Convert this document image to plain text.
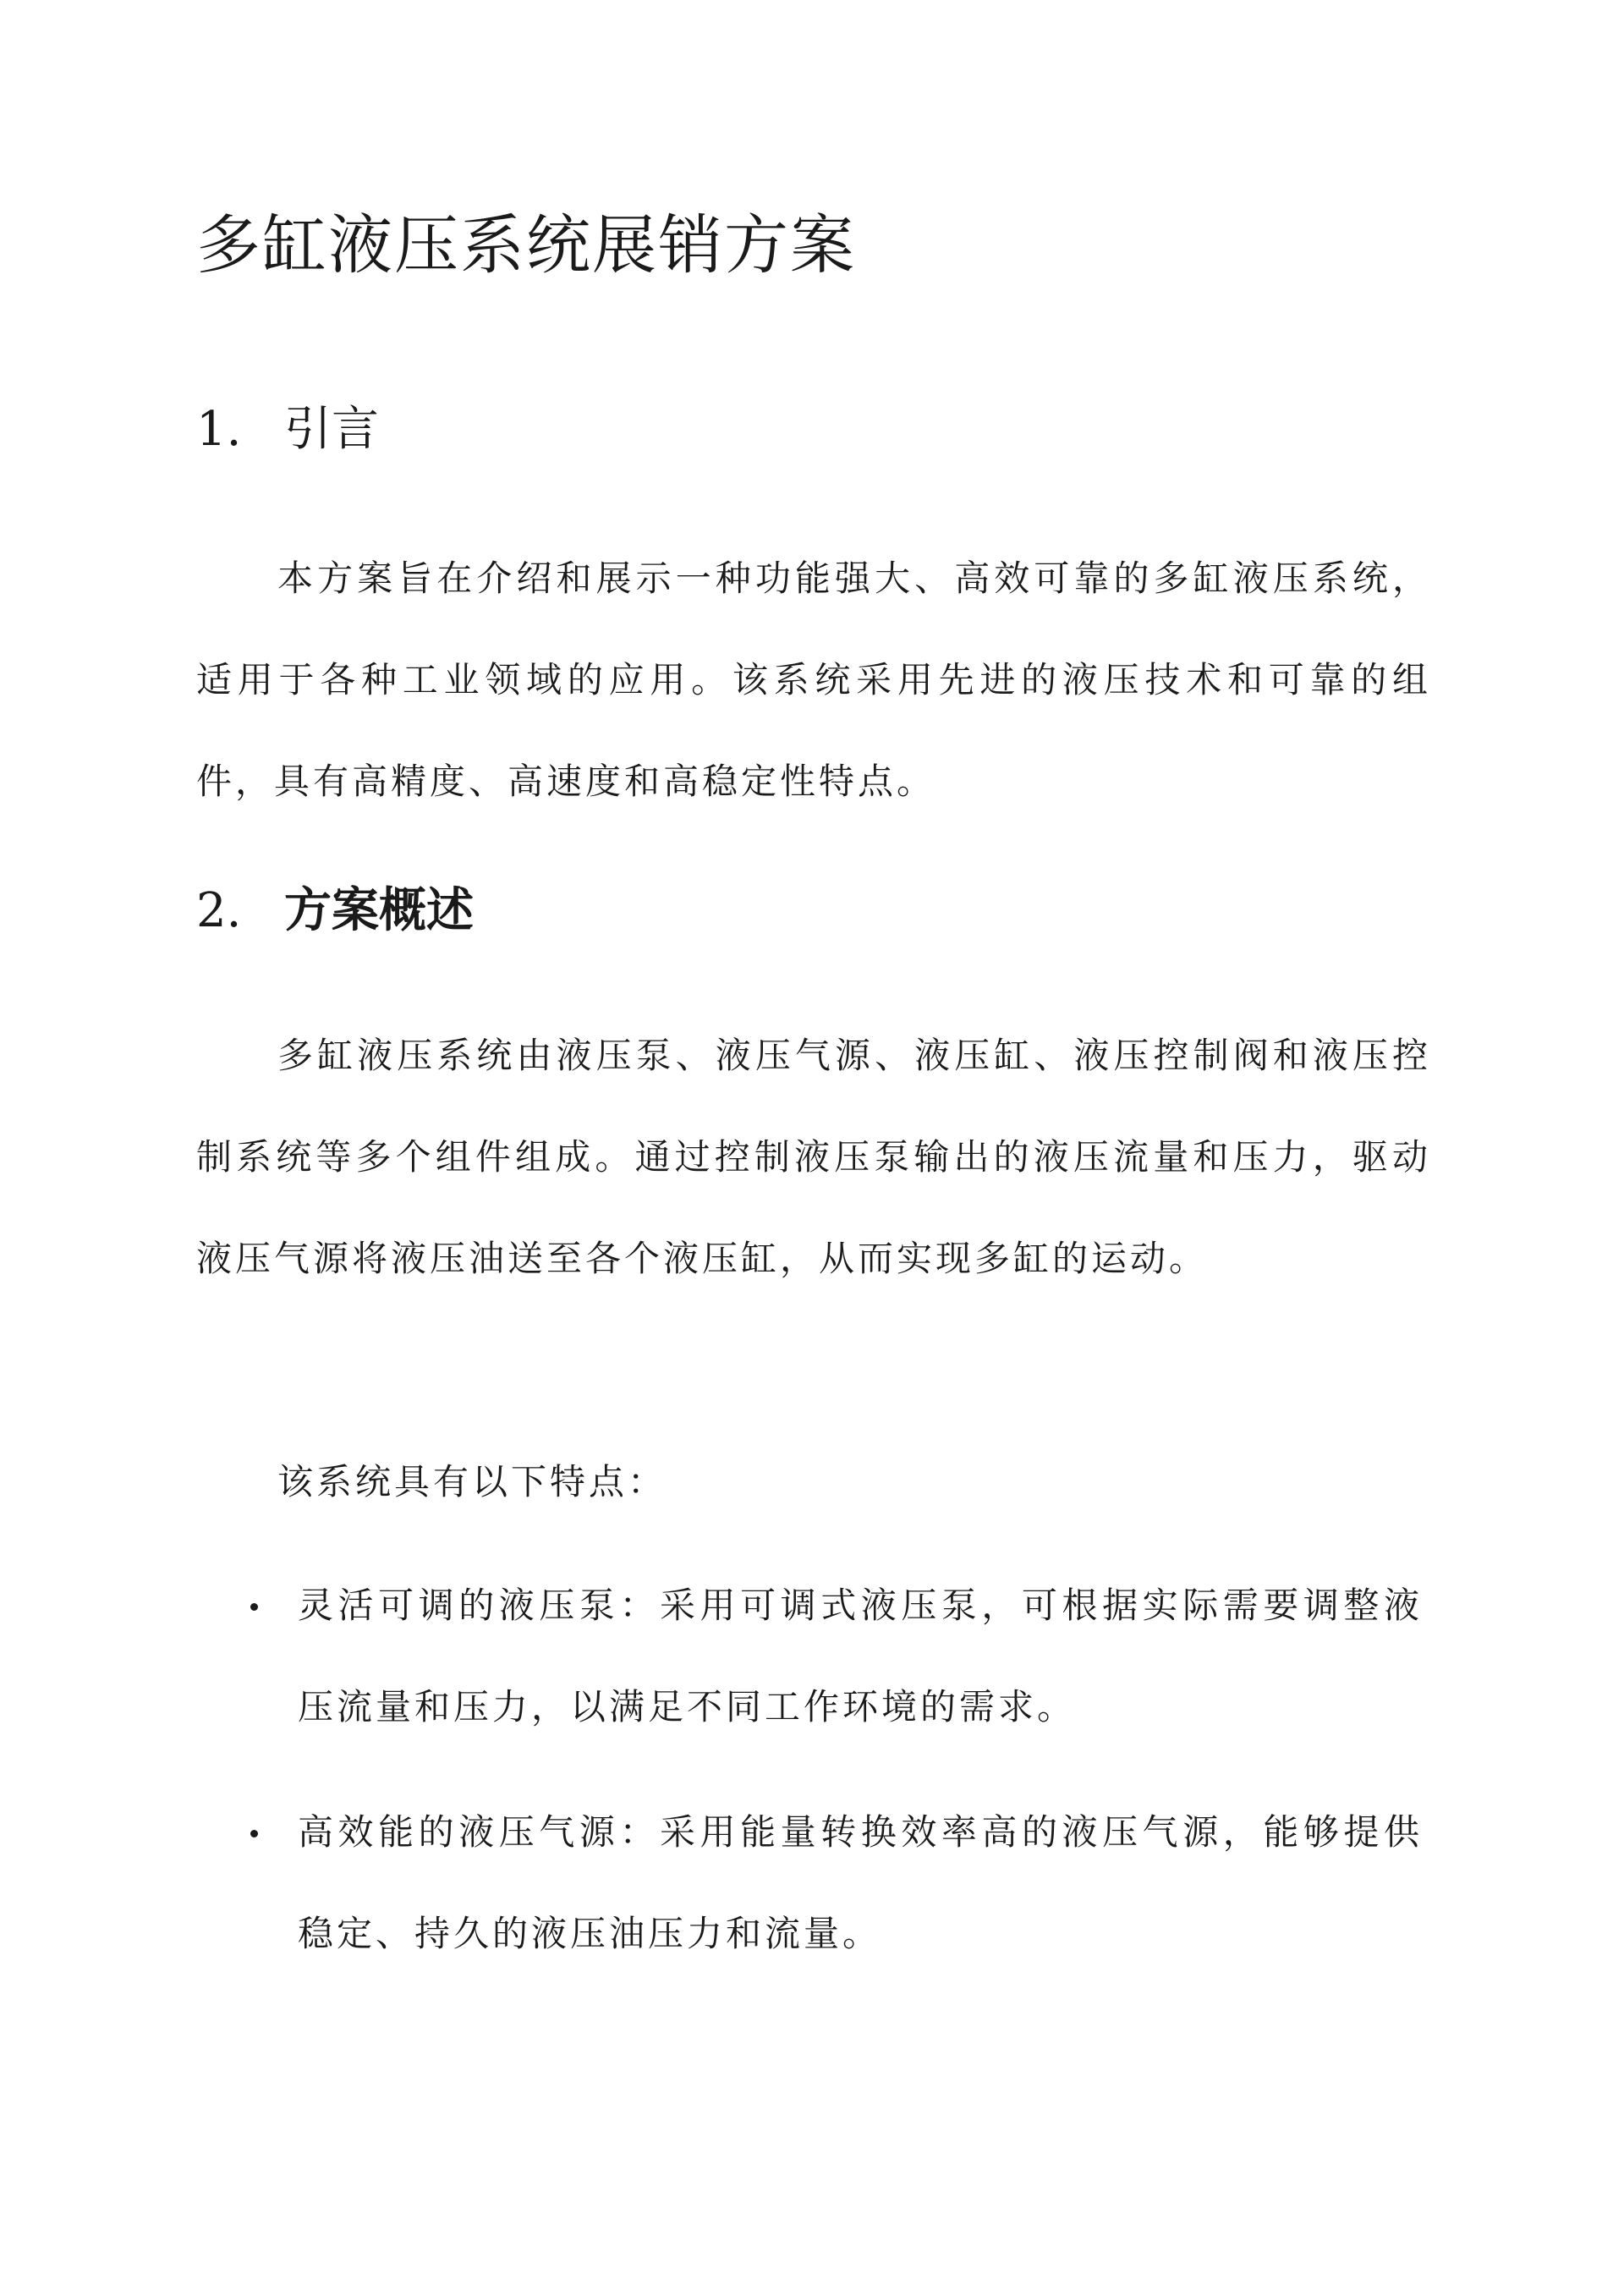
多缸液压系统展销方案
1. 引言

本方案旨在介绍和展示一种功能强大、高效可靠的多缸液压系统，适用于各种工业领域的应用。该系统采用先进的液压技术和可靠的组件，具有高精度、高速度和高稳定性特点。

2. 方案概述

多缸液压系统由液压泵、液压气源、液压缸、液压控制阀和液压控制系统等多个组件组成。通过控制液压泵输出的液压流量和压力，驱动液压气源将液压油送至各个液压缸，从而实现多缸的运动。

该系统具有以下特点：

灵活可调的液压泵：采用可调式液压泵，可根据实际需要调整液压流量和压力，以满足不同工作环境的需求。
高效能的液压气源：采用能量转换效率高的液压气源，能够提供稳定、持久的液压油压力和流量。
